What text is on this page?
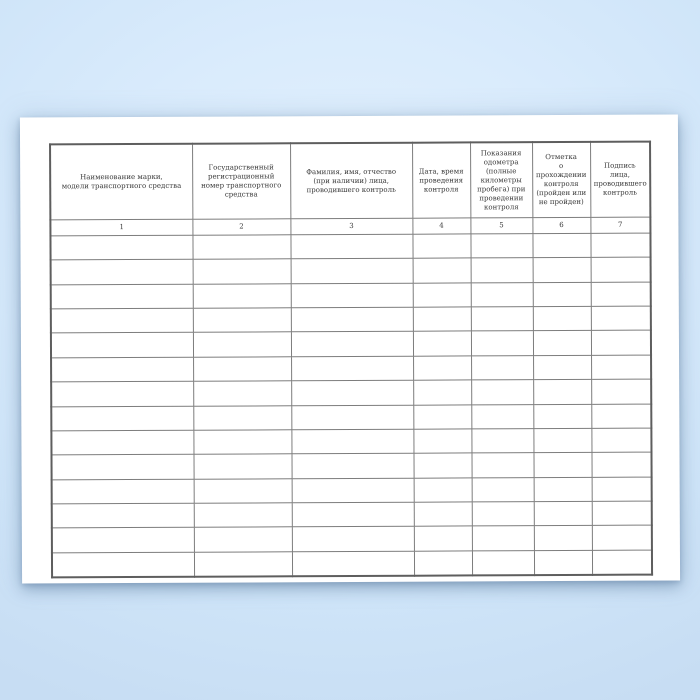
Наименование марки,
модели транспортного средства	Государственный
регистрационный
номер транспортного
средства	Фамилия, имя, отчество
(при наличии) лица,
проводившего контроль	Дата, время
проведения
контроля	Показания
одометра
(полные
километры
пробега) при
проведении
контроля	Отметка
о прохождении
контроля
(пройден или
не пройден)	Подпись лица,
проводившего
контроль
1	2	3	4	5	6	7
